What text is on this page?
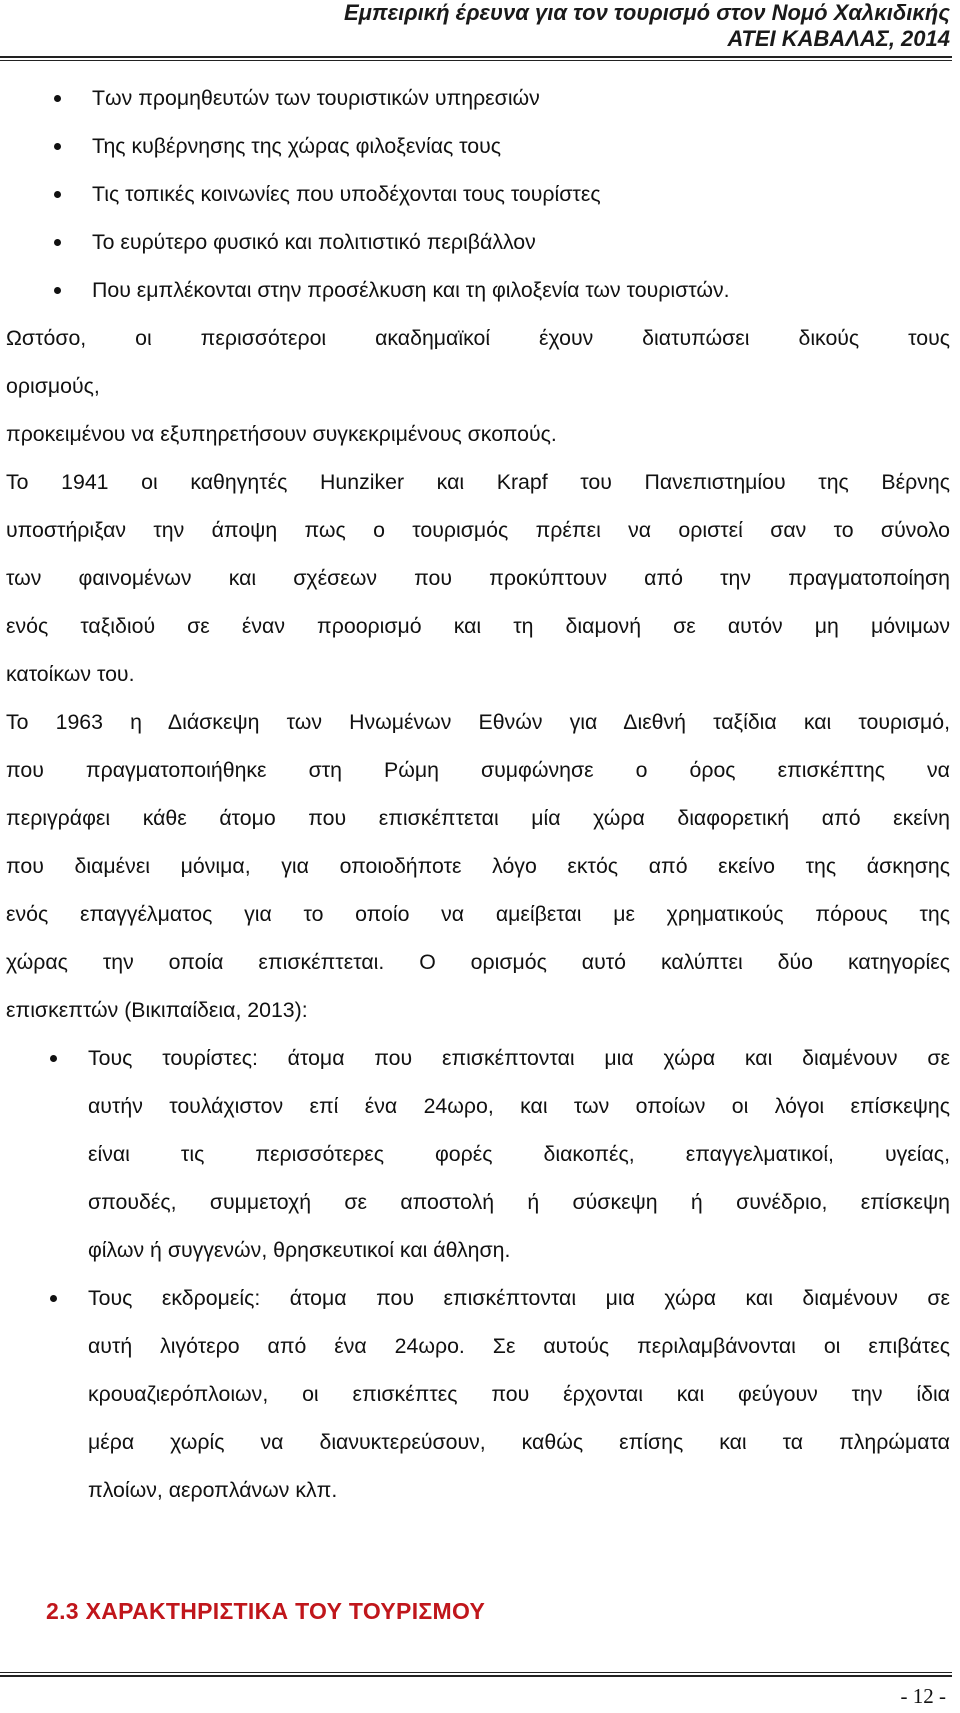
Εμπειρική έρευνα για τον τουρισμό στον Νομό Χαλκιδικής
ΑΤΕΙ ΚΑΒΑΛΑΣ, 2014
Των προμηθευτών των τουριστικών υπηρεσιών
Της κυβέρνησης της χώρας φιλοξενίας τους
Τις τοπικές κοινωνίες που υποδέχονται τους τουρίστες
Το ευρύτερο φυσικό και πολιτιστικό περιβάλλον
Που εμπλέκονται στην προσέλκυση και τη φιλοξενία των τουριστών.
Ωστόσο, οι περισσότεροι ακαδημαϊκοί έχουν διατυπώσει δικούς τους
ορισμούς,
προκειμένου να εξυπηρετήσουν συγκεκριμένους σκοπούς.
Το 1941 οι καθηγητές Hunziker και Krapf του Πανεπιστημίου της Βέρνης
υποστήριξαν την άποψη πως ο τουρισμός πρέπει να οριστεί σαν το σύνολο
των φαινομένων και σχέσεων που προκύπτουν από την πραγματοποίηση
ενός ταξιδιού σε έναν προορισμό και τη διαμονή σε αυτόν μη μόνιμων
κατοίκων του.
Το 1963 η Διάσκεψη των Ηνωμένων Εθνών για Διεθνή ταξίδια και τουρισμό,
που πραγματοποιήθηκε στη Ρώμη συμφώνησε ο όρος επισκέπτης να
περιγράφει κάθε άτομο που επισκέπτεται μία χώρα διαφορετική από εκείνη
που διαμένει μόνιμα, για οποιοδήποτε λόγο εκτός από εκείνο της άσκησης
ενός επαγγέλματος για το οποίο να αμείβεται με χρηματικούς πόρους της
χώρας την οποία επισκέπτεται. Ο ορισμός αυτό καλύπτει δύο κατηγορίες
επισκεπτών (Βικιπαίδεια, 2013):
Τους τουρίστες: άτομα που επισκέπτονται μια χώρα και διαμένουν σε
αυτήν τουλάχιστον επί ένα 24ωρο, και των οποίων οι λόγοι επίσκεψης
είναι τις περισσότερες φορές διακοπές, επαγγελματικοί, υγείας,
σπουδές, συμμετοχή σε αποστολή ή σύσκεψη ή συνέδριο, επίσκεψη
φίλων ή συγγενών, θρησκευτικοί και άθληση.
Τους εκδρομείς: άτομα που επισκέπτονται μια χώρα και διαμένουν σε
αυτή λιγότερο από ένα 24ωρο. Σε αυτούς περιλαμβάνονται οι επιβάτες
κρουαζιερόπλοιων, οι επισκέπτες που έρχονται και φεύγουν την ίδια
μέρα χωρίς να διανυκτερεύσουν, καθώς επίσης και τα πληρώματα
πλοίων, αεροπλάνων κλπ.
2.3 ΧΑΡΑΚΤΗΡΙΣΤΙΚΑ ΤΟΥ ΤΟΥΡΙΣΜΟΥ
- 12 -
